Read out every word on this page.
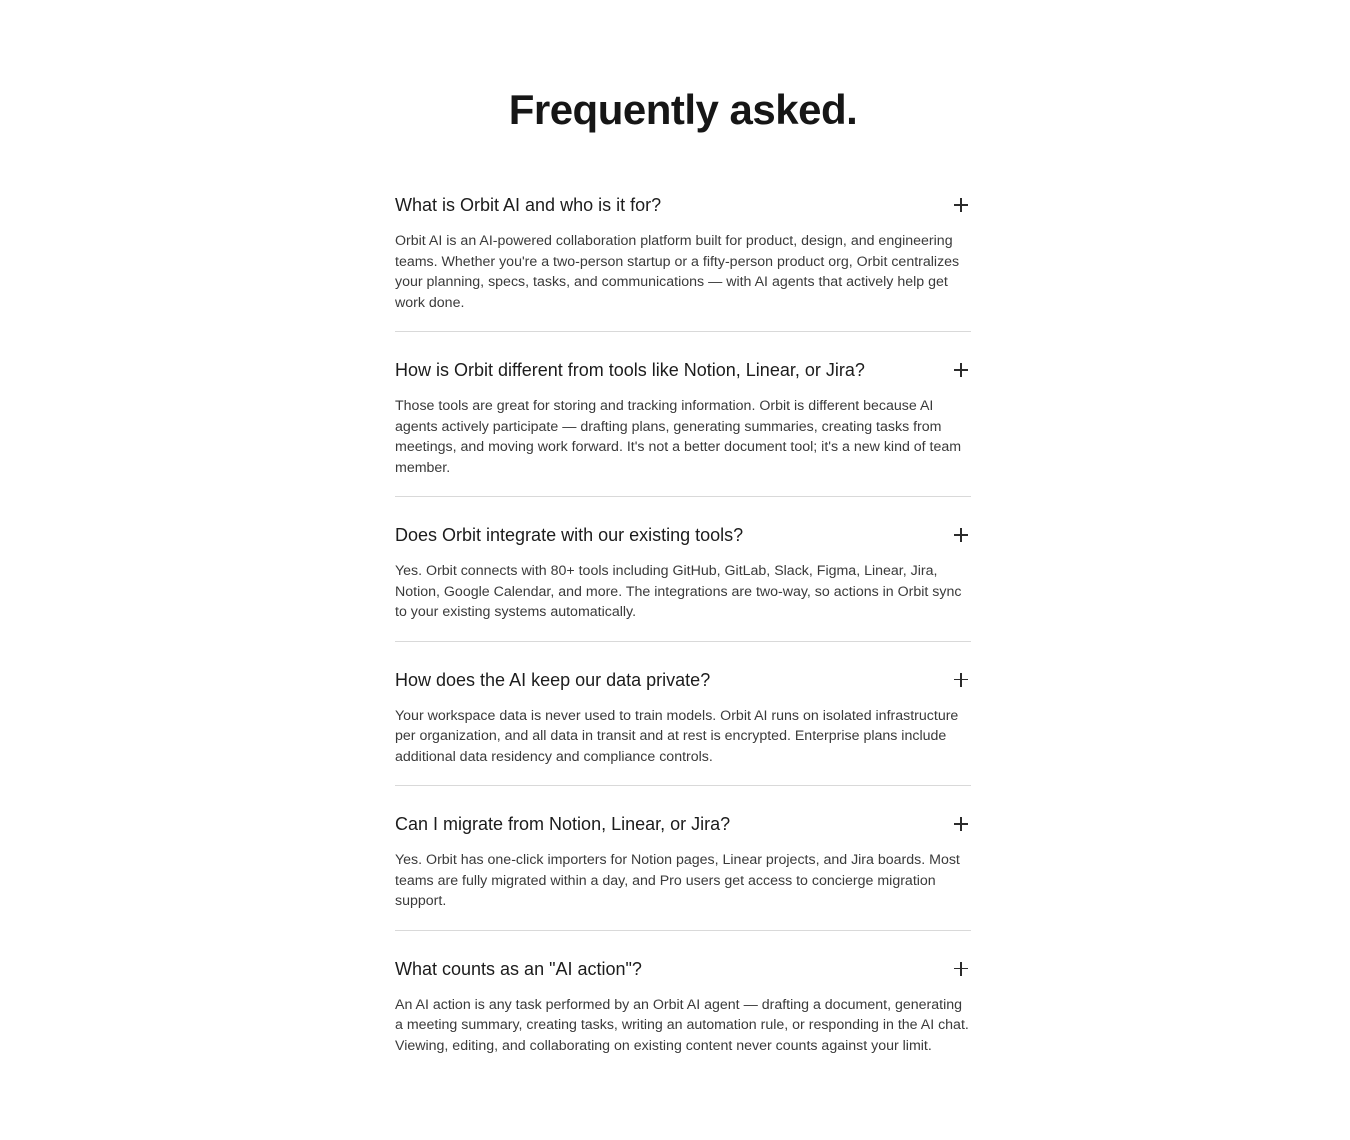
Frequently asked.
What is Orbit AI and who is it for?
Orbit AI is an AI-powered collaboration platform built for product, design, and engineering teams. Whether you're a two-person startup or a fifty-person product org, Orbit centralizes your planning, specs, tasks, and communications — with AI agents that actively help get work done.
How is Orbit different from tools like Notion, Linear, or Jira?
Those tools are great for storing and tracking information. Orbit is different because AI agents actively participate — drafting plans, generating summaries, creating tasks from meetings, and moving work forward. It's not a better document tool; it's a new kind of team member.
Does Orbit integrate with our existing tools?
Yes. Orbit connects with 80+ tools including GitHub, GitLab, Slack, Figma, Linear, Jira, Notion, Google Calendar, and more. The integrations are two-way, so actions in Orbit sync to your existing systems automatically.
How does the AI keep our data private?
Your workspace data is never used to train models. Orbit AI runs on isolated infrastructure per organization, and all data in transit and at rest is encrypted. Enterprise plans include additional data residency and compliance controls.
Can I migrate from Notion, Linear, or Jira?
Yes. Orbit has one-click importers for Notion pages, Linear projects, and Jira boards. Most teams are fully migrated within a day, and Pro users get access to concierge migration support.
What counts as an "AI action"?
An AI action is any task performed by an Orbit AI agent — drafting a document, generating a meeting summary, creating tasks, writing an automation rule, or responding in the AI chat. Viewing, editing, and collaborating on existing content never counts against your limit.
